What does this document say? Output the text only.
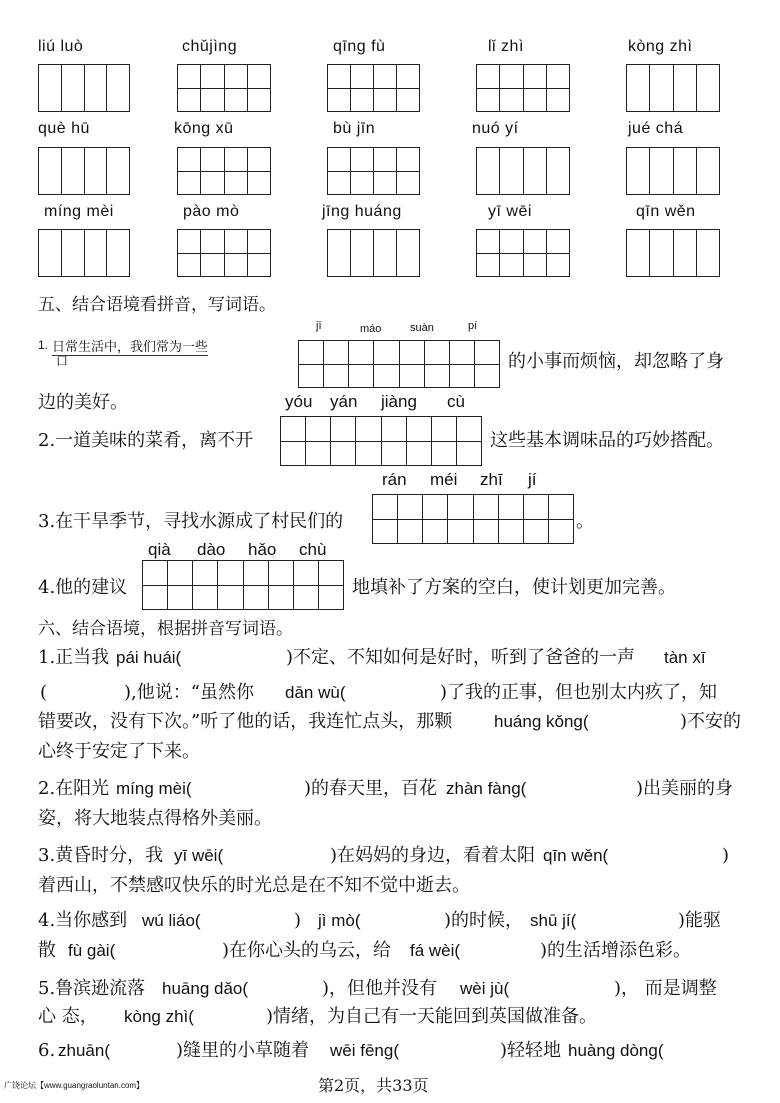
liú luò	chǔjìng	qīng fù	lǐ zhì	kòng zhì
què hū	kōng xū	bù jīn	nuó yí	jué chá
míng mèi	pào mò	jīng huáng	yī wēi	qīn wěn
五、结合语境看拼音，写词语。
1. 日常生活中，我们常为一些
口
jī	máo	suàn	pí
的小事而烦恼，却忽略了身
边的美好。	yóu yán jiàng cù
2.一道美味的菜肴，离不开	这些基本调味品的巧妙搭配。
rán méi zhī jí
3.在干旱季节，寻找水源成了村民们的	。
qià dào hǎo chù
4.他的建议	地填补了方案的空白，使计划更加完善。
六、结合语境，根据拼音写词语。
1.正当我 pái huái(	)不定、不知如何是好时，听到了爸爸的一声 tàn xī
(	),他说：“虽然你 dān wù(	)了我的正事，但也别太内疚了，知
错要改，没有下次。”听了他的话，我连忙点头，那颗 huáng kǒng(	)不安的
心终于安定了下来。
2.在阳光 míng mèi(	)的春天里，百花 zhàn fàng(	)出美丽的身
姿，将大地装点得格外美丽。
3.黄昏时分，我 yī wēi(	)在妈妈的身边，看着太阳 qīn wěn(	)
着西山，不禁感叹快乐的时光总是在不知不觉中逝去。
4.当你感到 wú liáo(	) jì mò(	)的时候， shū jí(	)能驱
散 fù gài(	)在你心头的乌云，给 fá wèi(	)的生活增添色彩。
5.鲁滨逊流落 huāng dǎo(	)，但他并没有 wèi jù(	)， 而是调整
心 态， kòng zhì(	)情绪，为自己有一天能回到英国做准备。
6. zhuān(	)缝里的小草随着 wēi fēng(	)轻轻地 huàng dòng(
广饶论坛【www.guangraoluntan.com】	第2页，共33页
